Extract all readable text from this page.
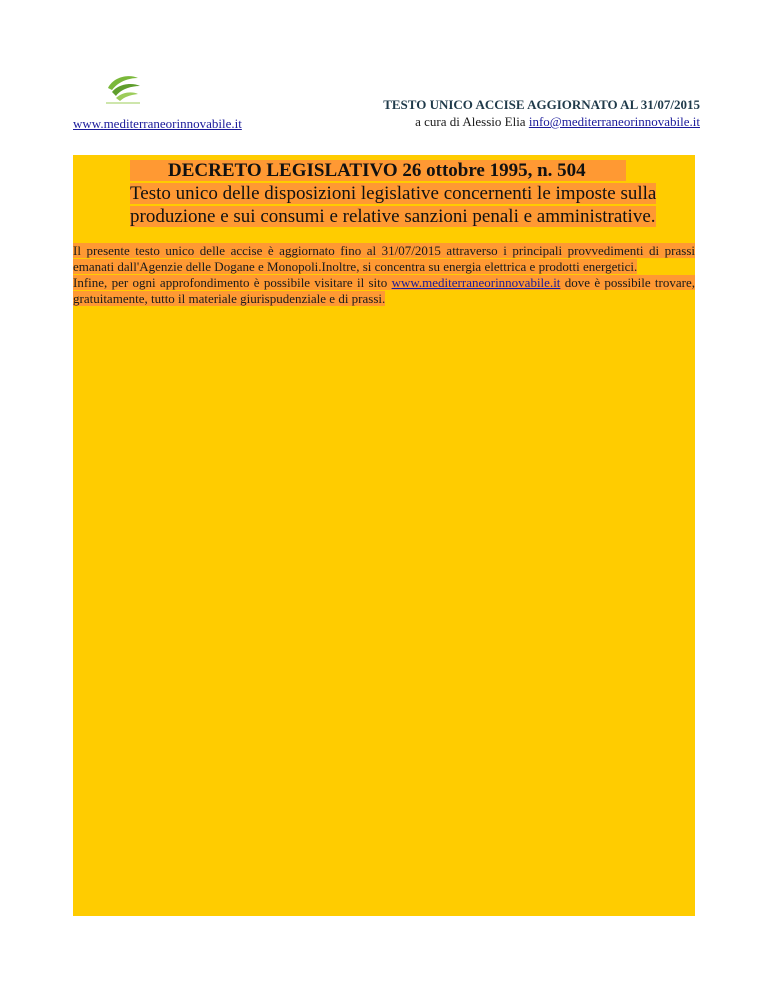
www.mediterraneorinnovabile.it
TESTO UNICO ACCISE AGGIORNATO AL 31/07/2015
a cura di Alessio Elia info@mediterraneorinnovabile.it
DECRETO LEGISLATIVO 26 ottobre 1995, n. 504
Testo unico delle disposizioni legislative concernenti le imposte sulla produzione e sui consumi e relative sanzioni penali e amministrative.

Il presente testo unico delle accise è aggiornato fino al 31/07/2015 attraverso i principali provvedimenti di prassi emanati dall'Agenzie delle Dogane e Monopoli.Inoltre, si concentra su energia elettrica e prodotti energetici.

Infine, per ogni approfondimento è possibile visitare il sito www.mediterraneorinnovabile.it dove è possibile trovare, gratuitamente, tutto il materiale giurispudenziale e di prassi.
